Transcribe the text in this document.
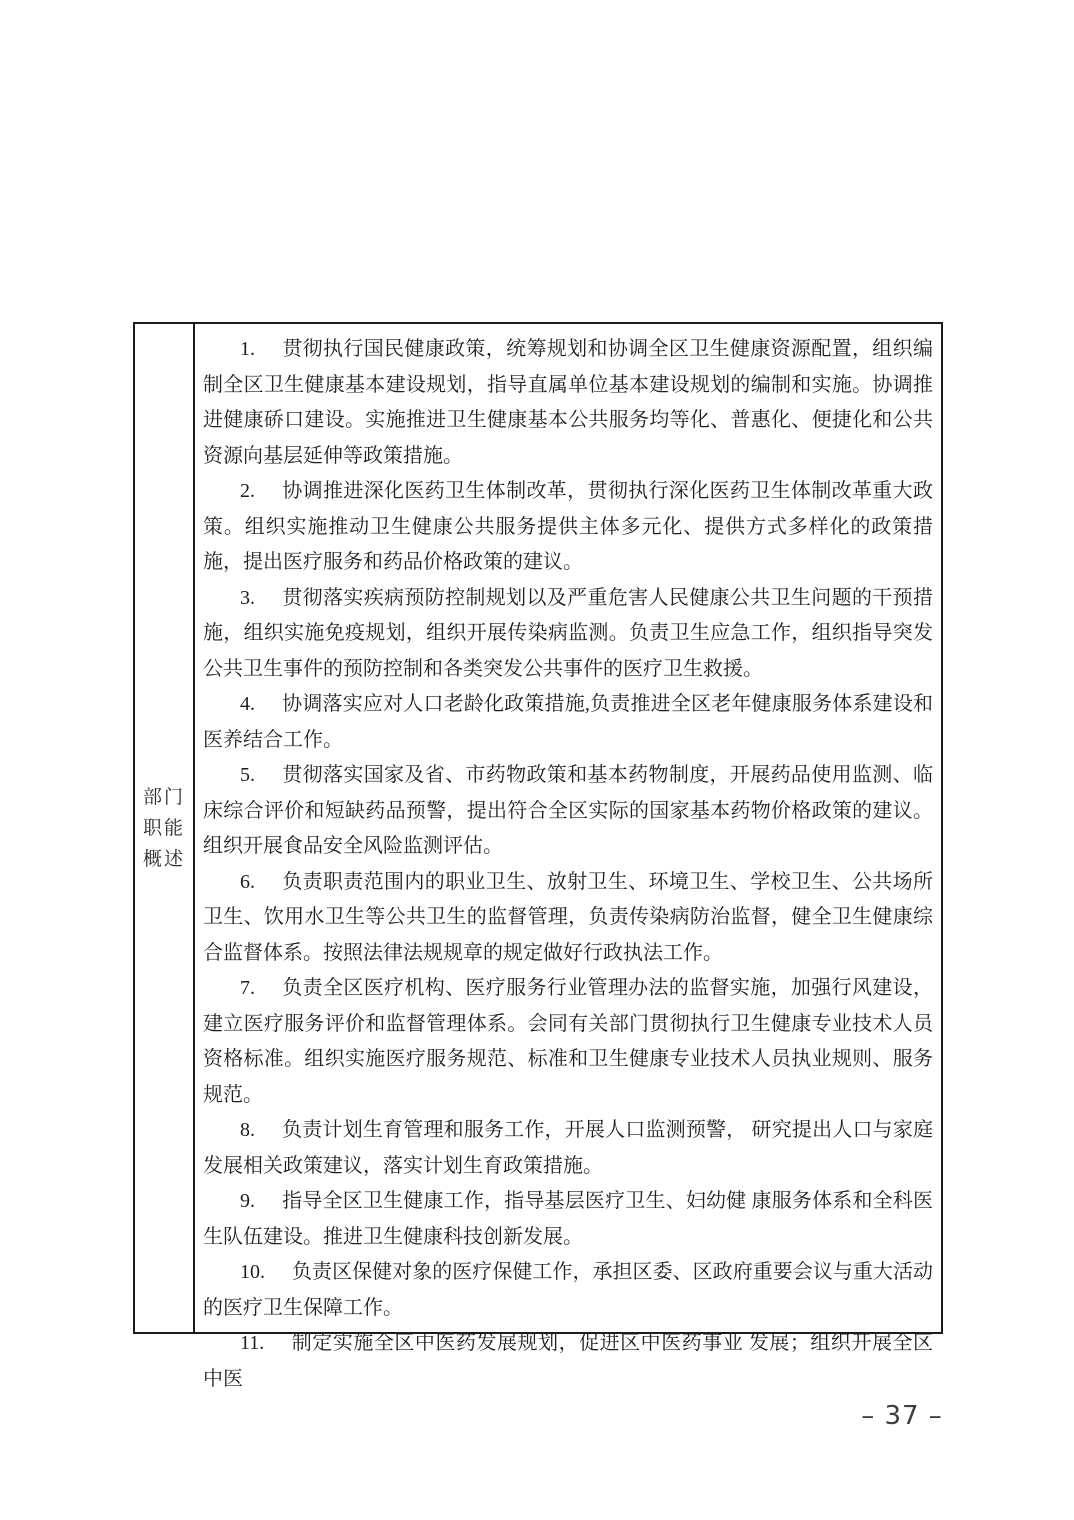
部门
职能
概述

1. 贯彻执行国民健康政策，统筹规划和协调全区卫生健康资源配置，组织编制全区卫生健康基本建设规划，指导直属单位基本建设规划的编制和实施。协调推进健康硚口建设。实施推进卫生健康基本公共服务均等化、普惠化、便捷化和公共资源向基层延伸等政策措施。

2. 协调推进深化医药卫生体制改革，贯彻执行深化医药卫生体制改革重大政策。组织实施推动卫生健康公共服务提供主体多元化、提供方式多样化的政策措施，提出医疗服务和药品价格政策的建议。

3. 贯彻落实疾病预防控制规划以及严重危害人民健康公共卫生问题的干预措施，组织实施免疫规划，组织开展传染病监测。负责卫生应急工作，组织指导突发公共卫生事件的预防控制和各类突发公共事件的医疗卫生救援。

4. 协调落实应对人口老龄化政策措施,负责推进全区老年健康服务体系建设和医养结合工作。

5. 贯彻落实国家及省、市药物政策和基本药物制度，开展药品使用监测、临床综合评价和短缺药品预警，提出符合全区实际的国家基本药物价格政策的建议。组织开展食品安全风险监测评估。

6. 负责职责范围内的职业卫生、放射卫生、环境卫生、学校卫生、公共场所卫生、饮用水卫生等公共卫生的监督管理，负责传染病防治监督，健全卫生健康综合监督体系。按照法律法规规章的规定做好行政执法工作。

7. 负责全区医疗机构、医疗服务行业管理办法的监督实施，加强行风建设，建立医疗服务评价和监督管理体系。会同有关部门贯彻执行卫生健康专业技术人员资格标准。组织实施医疗服务规范、标准和卫生健康专业技术人员执业规则、服务规范。

8. 负责计划生育管理和服务工作，开展人口监测预警， 研究提出人口与家庭发展相关政策建议，落实计划生育政策措施。

9. 指导全区卫生健康工作，指导基层医疗卫生、妇幼健 康服务体系和全科医生队伍建设。推进卫生健康科技创新发展。

10. 负责区保健对象的医疗保健工作，承担区委、区政府重要会议与重大活动的医疗卫生保障工作。

11. 制定实施全区中医药发展规划，促进区中医药事业 发展；组织开展全区中医

– 37 –
